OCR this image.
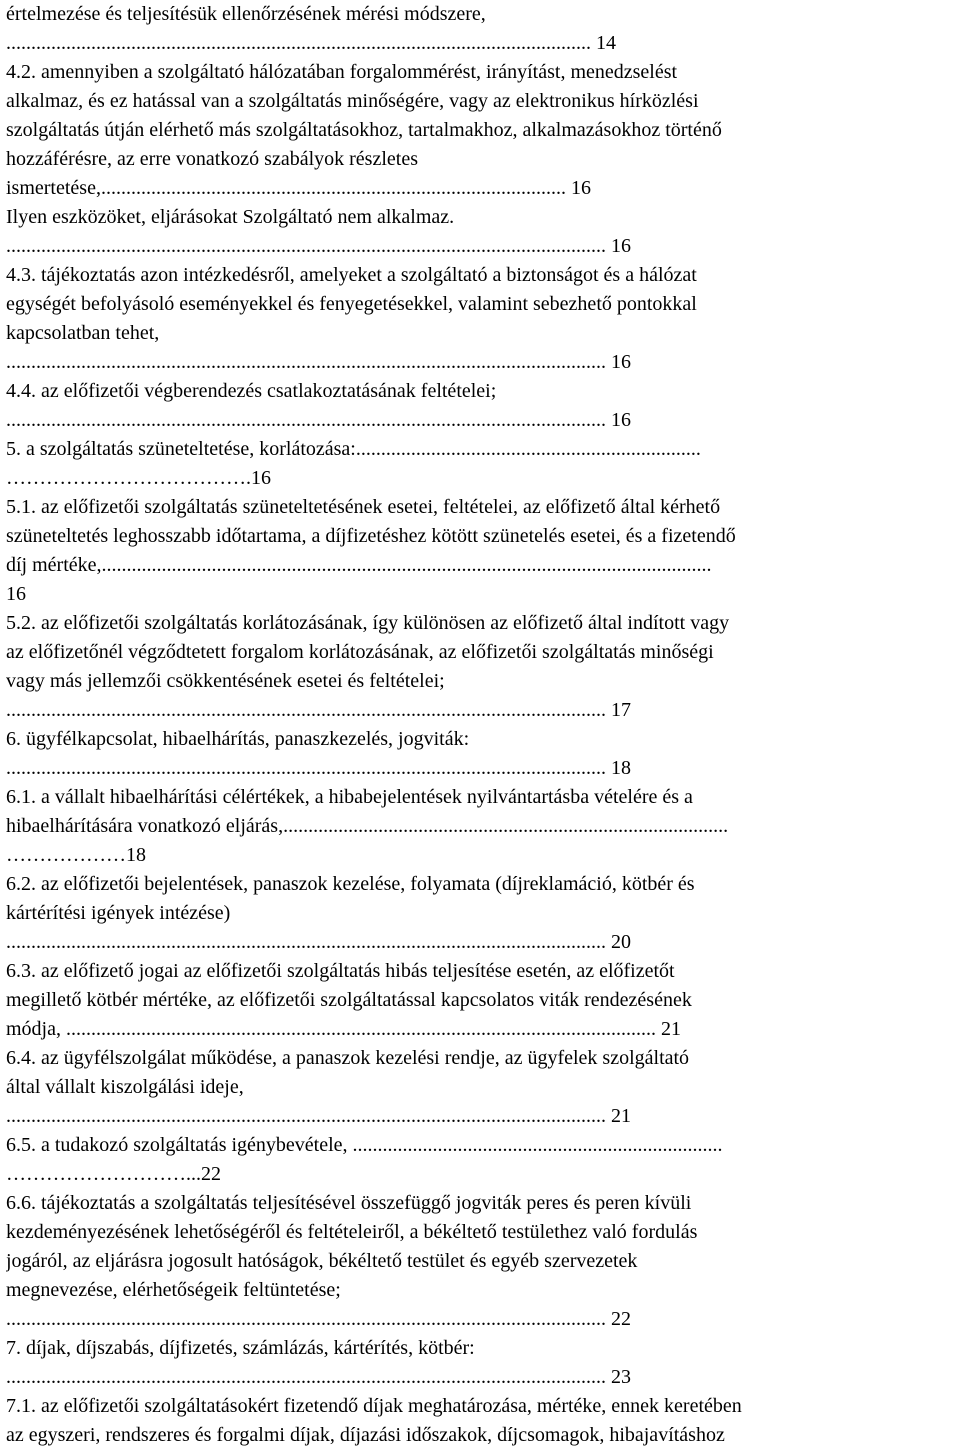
értelmezése és teljesítésük ellenőrzésének mérési módszere,
..................................................................................................................... 14
4.2. amennyiben a szolgáltató hálózatában forgalommérést, irányítást, menedzselést
alkalmaz, és ez hatással van a szolgáltatás minőségére, vagy az elektronikus hírközlési
szolgáltatás útján elérhető más szolgáltatásokhoz, tartalmakhoz, alkalmazásokhoz történő
hozzáférésre, az erre vonatkozó szabályok részletes
ismertetése,............................................................................................. 16
Ilyen eszközöket, eljárásokat Szolgáltató nem alkalmaz.
........................................................................................................................ 16
4.3. tájékoztatás azon intézkedésről, amelyeket a szolgáltató a biztonságot és a hálózat
egységét befolyásoló eseményekkel és fenyegetésekkel, valamint sebezhető pontokkal
kapcsolatban tehet,
........................................................................................................................ 16
4.4. az előfizetői végberendezés csatlakoztatásának feltételei;
........................................................................................................................ 16
5. a szolgáltatás szüneteltetése, korlátozása:.....................................................................
……………………………….16
5.1. az előfizetői szolgáltatás szüneteltetésének esetei, feltételei, az előfizető által kérhető
szüneteltetés leghosszabb időtartama, a díjfizetéshez kötött szünetelés esetei, és a fizetendő
díj mértéke,..........................................................................................................................
16
5.2. az előfizetői szolgáltatás korlátozásának, így különösen az előfizető által indított vagy
az előfizetőnél végződtetett forgalom korlátozásának, az előfizetői szolgáltatás minőségi
vagy más jellemzői csökkentésének esetei és feltételei;
........................................................................................................................ 17
6. ügyfélkapcsolat, hibaelhárítás, panaszkezelés, jogviták:
........................................................................................................................ 18
6.1. a vállalt hibaelhárítási célértékek, a hibabejelentések nyilvántartásba vételére és a
hibaelhárítására vonatkozó eljárás,.........................................................................................
………………18
6.2. az előfizetői bejelentések, panaszok kezelése, folyamata (díjreklamáció, kötbér és
kártérítési igények intézése)
........................................................................................................................ 20
6.3. az előfizető jogai az előfizetői szolgáltatás hibás teljesítése esetén, az előfizetőt
megillető kötbér mértéke, az előfizetői szolgáltatással kapcsolatos viták rendezésének
módja, ...................................................................................................................... 21
6.4. az ügyfélszolgálat működése, a panaszok kezelési rendje, az ügyfelek szolgáltató
által vállalt kiszolgálási ideje,
........................................................................................................................ 21
6.5. a tudakozó szolgáltatás igénybevétele, ..........................................................................
………………………...22
6.6. tájékoztatás a szolgáltatás teljesítésével összefüggő jogviták peres és peren kívüli
kezdeményezésének lehetőségéről és feltételeiről, a békéltető testülethez való fordulás
jogáról, az eljárásra jogosult hatóságok, békéltető testület és egyéb szervezetek
megnevezése, elérhetőségeik feltüntetése;
........................................................................................................................ 22
7. díjak, díjszabás, díjfizetés, számlázás, kártérítés, kötbér:
........................................................................................................................ 23
7.1. az előfizetői szolgáltatásokért fizetendő díjak meghatározása, mértéke, ennek keretében
az egyszeri, rendszeres és forgalmi díjak, díjazási időszakok, díjcsomagok, hibajavításhoz
